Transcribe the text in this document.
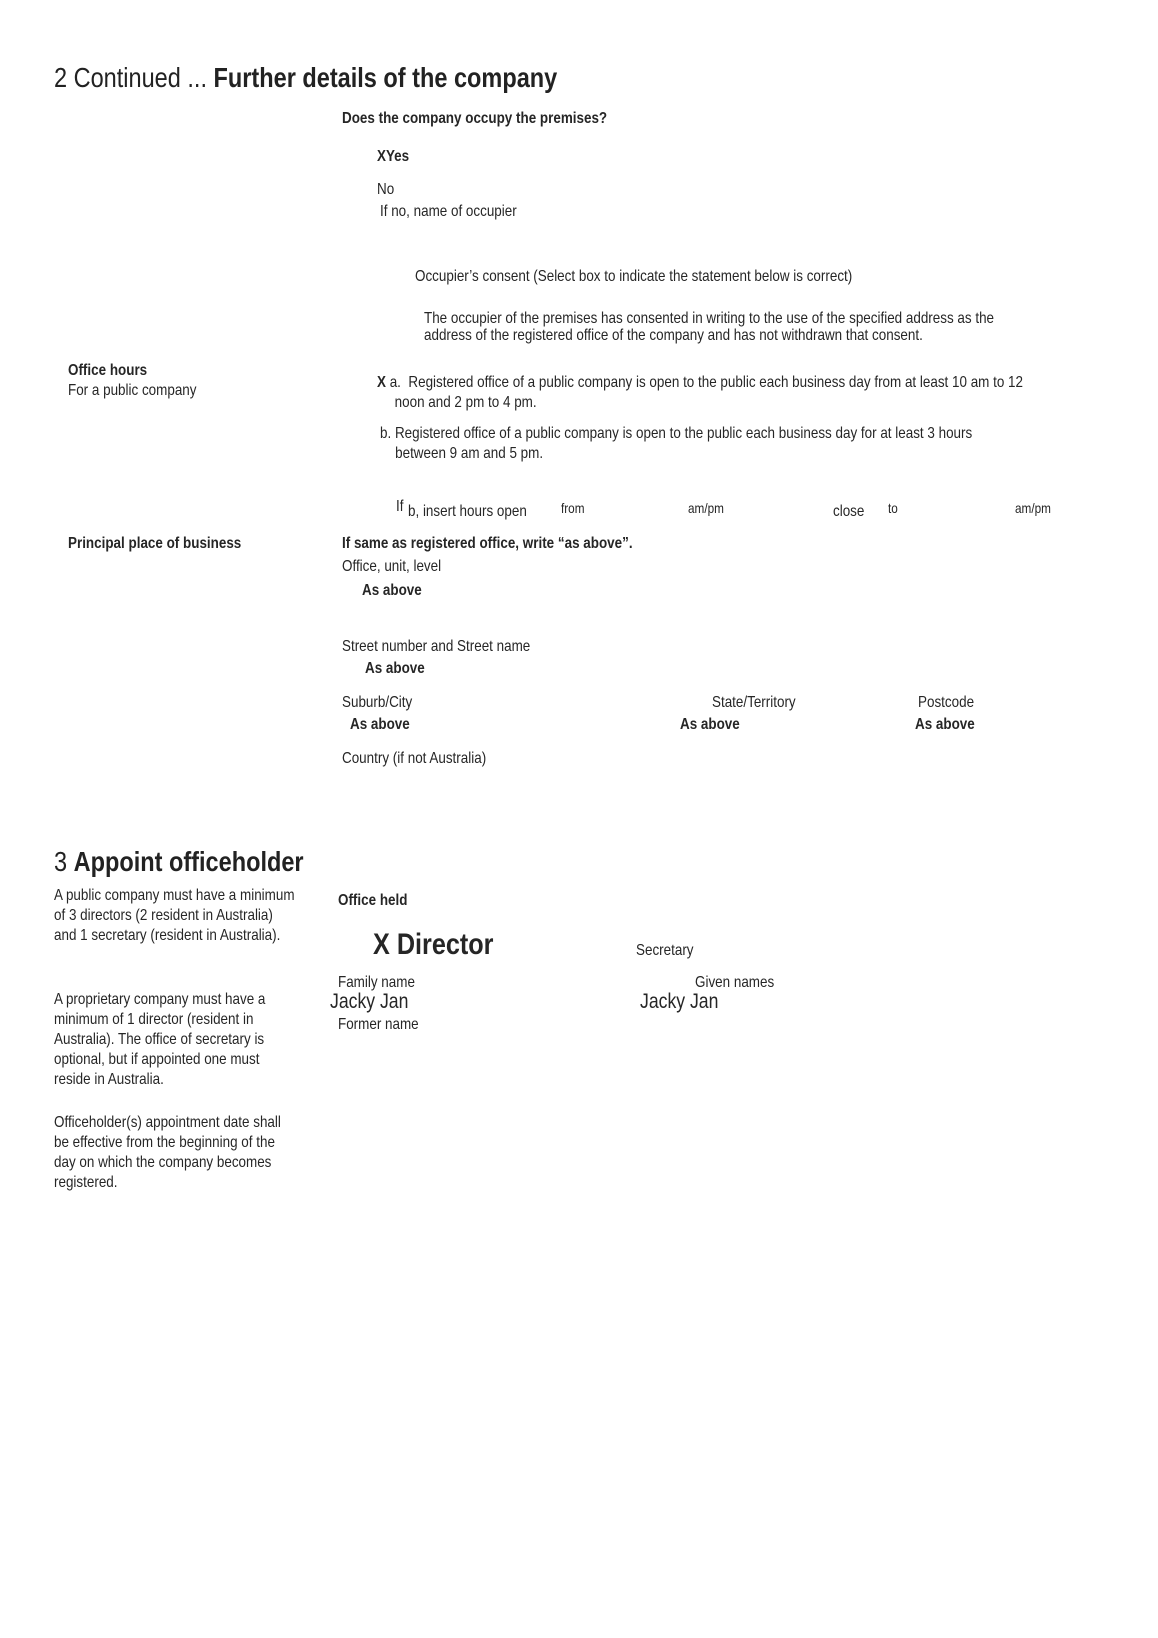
2 Continued ... Further details of the company
Does the company occupy the premises?
XYes
No
If no, name of occupier
Occupier’s consent (Select box to indicate the statement below is correct)
The occupier of the premises has consented in writing to the use of the specified address as the
address of the registered office of the company and has not withdrawn that consent.
Office hours
For a public company	X a. Registered office of a public company is open to the public each business day from at least 10 am to 12
noon and 2 pm to 4 pm.
b. Registered office of a public company is open to the public each business day for at least 3 hours
between 9 am and 5 pm.
If b, insert hours open from	am/pm	close to	am/pm
Principal place of business	If same as registered office, write “as above”.
Office, unit, level
As above
Street number and Street name
As above
Suburb/City
As above
State/Territory
As above
Postcode
As above
Country (if not Australia)
3 Appoint officeholder
A public company must have a minimum of 3 directors (2 resident in Australia) and 1 secretary (resident in Australia).
A proprietary company must have a minimum of 1 director (resident in Australia). The office of secretary is optional, but if appointed one must reside in Australia.
Officeholder(s) appointment date shall be effective from the beginning of the day on which the company becomes registered.
Office held
X Director	Secretary
Family name
Jacky Jan
Given names
Jacky Jan
Former name
